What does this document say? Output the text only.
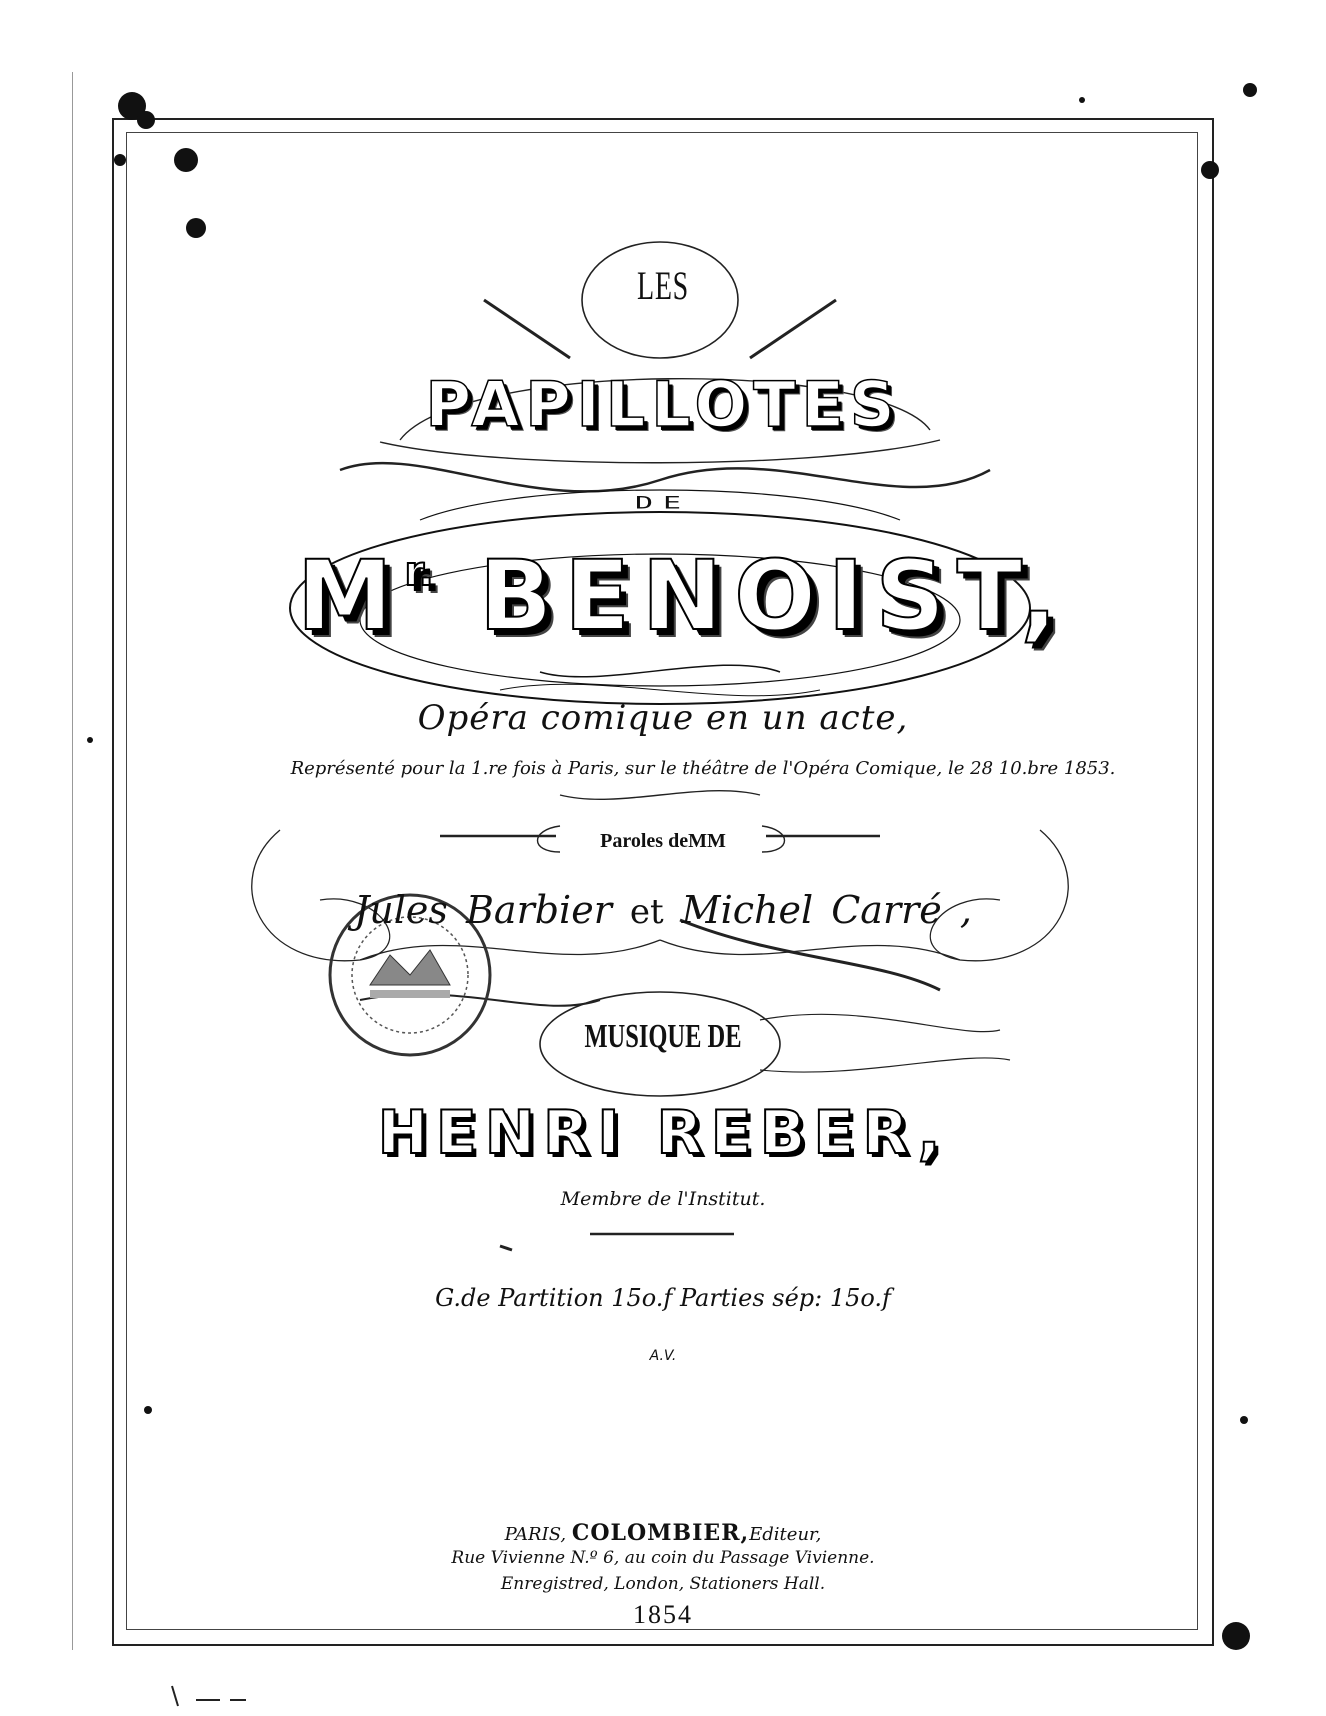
LES
PAPILLOTES
DE
$M^{r.}$ BENOIST,
Opéra comique en un acte,
Représenté pour la 1.re fois à Paris, sur le théâtre de l'Opéra Comique, le 28 10.bre 1853.
Paroles deMM
Jules Barbier et Michel Carré ,
MUSIQUE DE
HENRI REBER,
Membre de l'Institut.
G.de Partition 15o.f Parties sép: 15o.f
A.V.
PARIS, COLOMBIER,Editeur,
Rue Vivienne N.º 6, au coin du Passage Vivienne.
Enregistred, London, Stationers Hall.
1854
